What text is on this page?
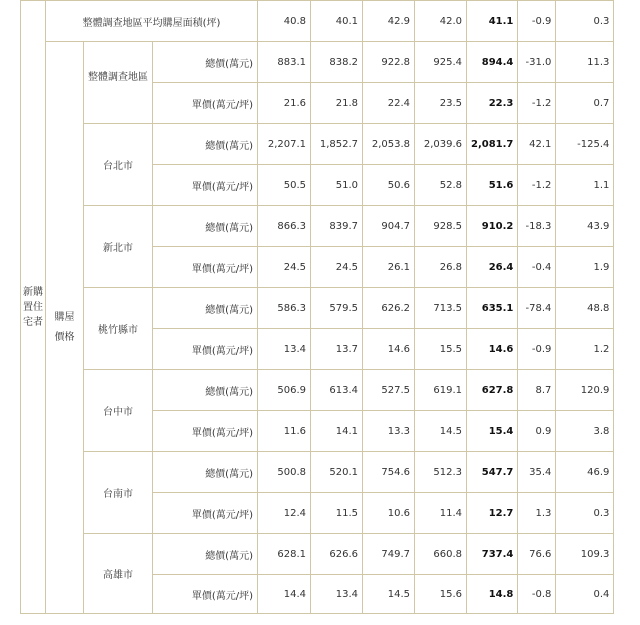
新購
置住
宅者	整體調查地區平均購屋面積(坪)			40.8	40.1	42.9	42.0	41.1	-0.9	0.3

	購屋
價格	整體調查地區	總價(萬元)	883.1	838.2	922.8	925.4	894.4	-31.0	11.3
			單價(萬元/坪)	21.6	21.8	22.4	23.5	22.3	-1.2	0.7
		台北市	總價(萬元)	2,207.1	1,852.7	2,053.8	2,039.6	2,081.7	42.1	-125.4
			單價(萬元/坪)	50.5	51.0	50.6	52.8	51.6	-1.2	1.1
		新北市	總價(萬元)	866.3	839.7	904.7	928.5	910.2	-18.3	43.9
			單價(萬元/坪)	24.5	24.5	26.1	26.8	26.4	-0.4	1.9
		桃竹縣市	總價(萬元)	586.3	579.5	626.2	713.5	635.1	-78.4	48.8
			單價(萬元/坪)	13.4	13.7	14.6	15.5	14.6	-0.9	1.2
		台中市	總價(萬元)	506.9	613.4	527.5	619.1	627.8	8.7	120.9
			單價(萬元/坪)	11.6	14.1	13.3	14.5	15.4	0.9	3.8
		台南市	總價(萬元)	500.8	520.1	754.6	512.3	547.7	35.4	46.9
			單價(萬元/坪)	12.4	11.5	10.6	11.4	12.7	1.3	0.3
		高雄市	總價(萬元)	628.1	626.6	749.7	660.8	737.4	76.6	109.3
			單價(萬元/坪)	14.4	13.4	14.5	15.6	14.8	-0.8	0.4
